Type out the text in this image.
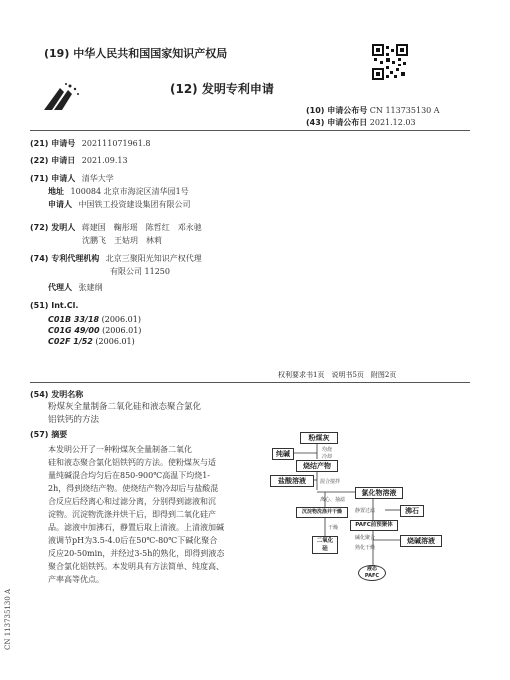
(19) 中华人民共和国国家知识产权局
(12) 发明专利申请
(10) 申请公布号 CN 113735130 A
(43) 申请公布日 2021.12.03
(21) 申请号 202111071961.8
(22) 申请日 2021.09.13
(71) 申请人 清华大学
地址 100084 北京市海淀区清华园1号
申请人 中国铁工投资建设集团有限公司
(72) 发明人 蒋建国　鞠彤瑶　陈哲红　邓永驰
沈鹏飞　王姑玥　林莉
(74) 专利代理机构 北京三聚阳光知识产权代理
有限公司 11250
代理人 张建纲
(51) Int.Cl.
C01B 33/18 (2006.01)
C01G 49/00 (2006.01)
C02F 1/52 (2006.01)
权利要求书1页　说明书5页　附图2页
(54) 发明名称
粉煤灰全量制备二氧化硅和液态聚合氯化
铝铁钙的方法
(57) 摘要
本发明公开了一种粉煤灰全量制备二氧化
硅和液态聚合氯化铝铁钙的方法。使粉煤灰与适
量纯碱混合均匀后在850-900℃高温下均烧1-
2h，得到烧结产物。使烧结产物冷却后与盐酸混
合反应后经离心和过滤分离，分别得到滤液和沉
淀物。沉淀物洗涤并烘干后，即得到二氧化硅产
品。滤液中加沸石，静置后取上清液。上清液加碱
液调节pH为3.5-4.0后在50℃-80℃下碱化聚合
反应20-50min，并经过3-5h的熟化，即得到液态
聚合氯化铝铁钙。本发明具有方法简单、纯度高、
产率高等优点。
CN 113735130 A
粉煤灰
纯碱	均烧
冷却
烧结产物
盐酸溶液	混合搅拌
离心、抽滤
氯化物溶液
沉淀物洗涤并干燥	静置过滤	沸石
PAFC前预聚体
干燥
二氧化
硅
碱化聚合
熟化干燥
烧碱溶液
液态
PAFC
